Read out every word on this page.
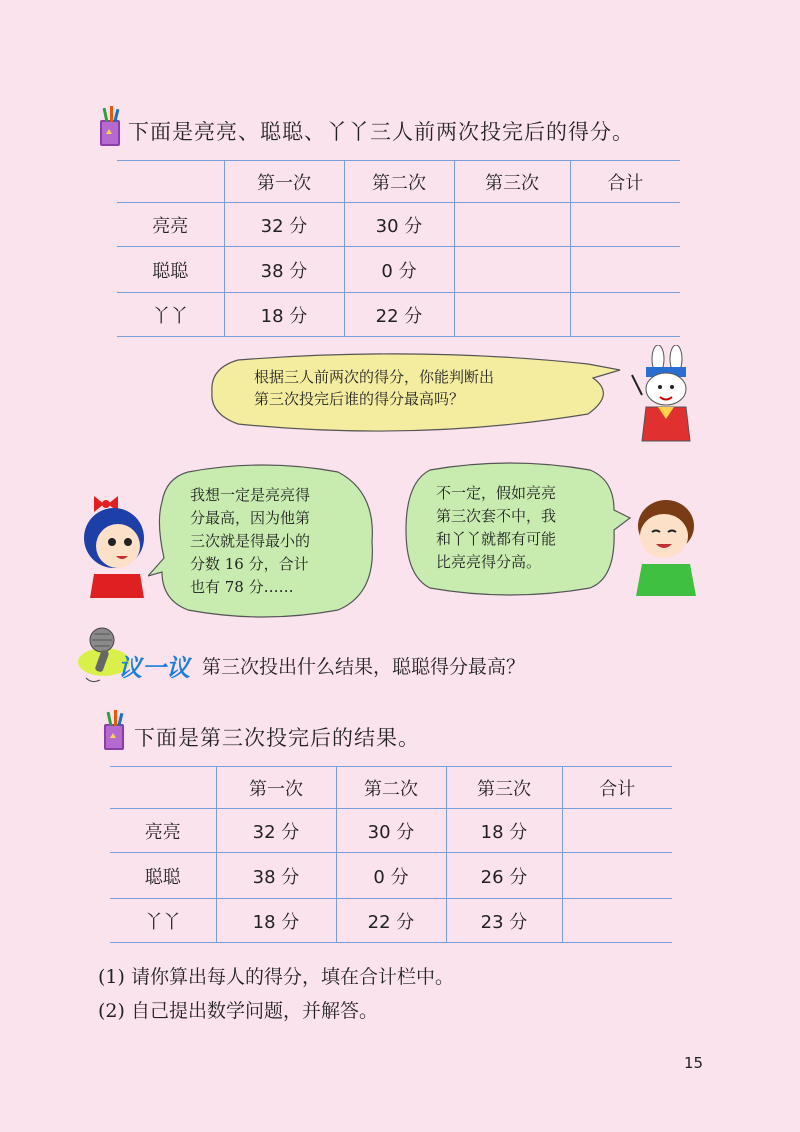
下面是亮亮、聪聪、丫丫三人前两次投完后的得分。
	第一次	第二次	第三次	合计
亮亮	32 分	30 分		
聪聪	38 分	0 分		
丫丫	18 分	22 分		
根据三人前两次的得分，你能判断出
第三次投完后谁的得分最高吗？
我想一定是亮亮得
分最高，因为他第
三次就是得最小的
分数 16 分，合计
也有 78 分……
不一定，假如亮亮
第三次套不中，我
和丫丫就都有可能
比亮亮得分高。
议一议 第三次投出什么结果，聪聪得分最高？
下面是第三次投完后的结果。
	第一次	第二次	第三次	合计
亮亮	32 分	30 分	18 分	
聪聪	38 分	0 分	26 分	
丫丫	18 分	22 分	23 分	
(1) 请你算出每人的得分，填在合计栏中。
(2) 自己提出数学问题，并解答。
15
